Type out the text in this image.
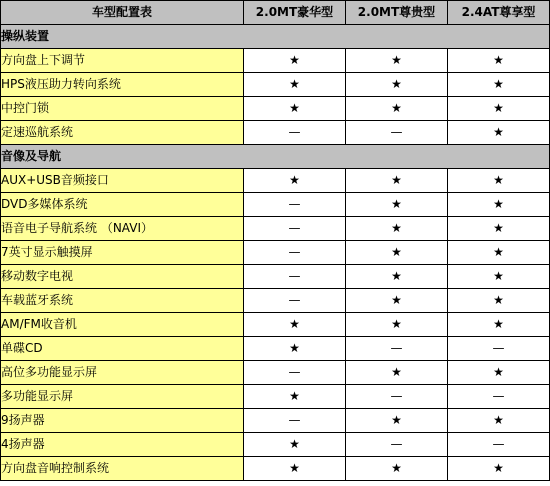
车型配置表	2.0MT豪华型	2.0MT尊贵型	2.4AT尊享型
操纵装置			
方向盘上下调节	★	★	★
HPS液压助力转向系统	★	★	★
中控门锁	★	★	★
定速巡航系统	—	—	★
音像及导航			
AUX+USB音频接口	★	★	★
DVD多媒体系统	—	★	★
语音电子导航系统 （NAVI）	—	★	★
7英寸显示触摸屏	—	★	★
移动数字电视	—	★	★
车载蓝牙系统	—	★	★
AM/FM收音机	★	★	★
单碟CD	★	—	—
高位多功能显示屏	—	★	★
多功能显示屏	★	—	—
9扬声器	—	★	★
4扬声器	★	—	—
方向盘音响控制系统	★	★	★
